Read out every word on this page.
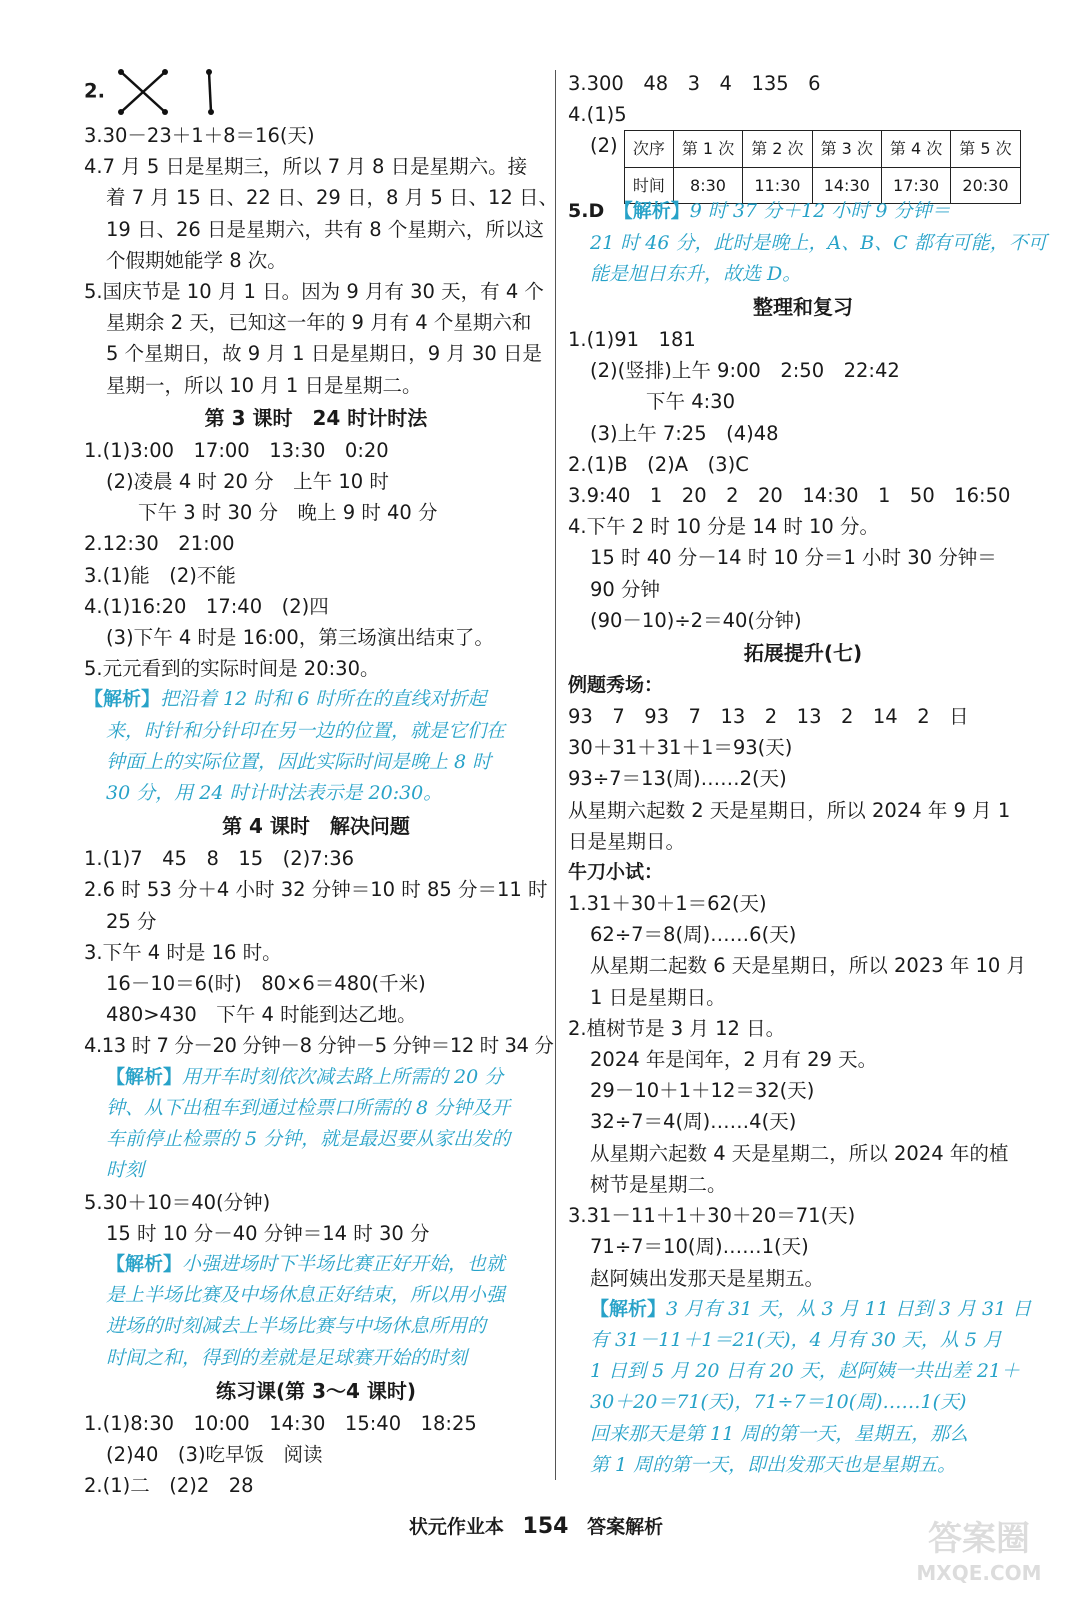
2.
3.30－23＋1＋8＝16(天)
4.7 月 5 日是星期三，所以 7 月 8 日是星期六。接
着 7 月 15 日、22 日、29 日，8 月 5 日、12 日、
19 日、26 日是星期六，共有 8 个星期六，所以这
个假期她能学 8 次。
5.国庆节是 10 月 1 日。因为 9 月有 30 天，有 4 个
星期余 2 天，已知这一年的 9 月有 4 个星期六和
5 个星期日，故 9 月 1 日是星期日，9 月 30 日是
星期一，所以 10 月 1 日是星期二。
第 3 课时　24 时计时法
1.(1)3:00　17:00　13:30　0:20
(2)凌晨 4 时 20 分　上午 10 时
下午 3 时 30 分　晚上 9 时 40 分
2.12:30　21:00
3.(1)能　(2)不能
4.(1)16:20　17:40　(2)四
(3)下午 4 时是 16:00，第三场演出结束了。
5.元元看到的实际时间是 20:30。
【解析】把沿着 12 时和 6 时所在的直线对折起
来，时针和分针印在另一边的位置，就是它们在
钟面上的实际位置，因此实际时间是晚上 8 时
30 分，用 24 时计时法表示是 20:30。
第 4 课时　解决问题
1.(1)7　45　8　15　(2)7:36
2.6 时 53 分＋4 小时 32 分钟＝10 时 85 分＝11 时
25 分
3.下午 4 时是 16 时。
16－10＝6(时)　80×6＝480(千米)
480>430　下午 4 时能到达乙地。
4.13 时 7 分－20 分钟－8 分钟－5 分钟＝12 时 34 分
【解析】用开车时刻依次减去路上所需的 20 分
钟、从下出租车到通过检票口所需的 8 分钟及开
车前停止检票的 5 分钟，就是最迟要从家出发的
时刻
5.30＋10＝40(分钟)
15 时 10 分－40 分钟＝14 时 30 分
【解析】小强进场时下半场比赛正好开始，也就
是上半场比赛及中场休息正好结束，所以用小强
进场的时刻减去上半场比赛与中场休息所用的
时间之和，得到的差就是足球赛开始的时刻
练习课(第 3～4 课时)
1.(1)8:30　10:00　14:30　15:40　18:25
(2)40　(3)吃早饭　阅读
2.(1)二　(2)2　28
3.300　48　3　4　135　6
4.(1)5
(2) 次序	第 1 次	第 2 次	第 3 次	第 4 次	第 5 次
时间	8:30	11:30	14:30	17:30	20:30
5.D　 【解析】9 时 37 分＋12 小时 9 分钟＝
21 时 46 分，此时是晚上，A、B、C 都有可能，不可
能是旭日东升，故选 D。
整理和复习
1.(1)91　181
(2)(竖排)上午 9:00　2:50　22:42
下午 4:30
(3)上午 7:25　(4)48
2.(1)B　(2)A　(3)C
3.9:40　1　20　2　20　14:30　1　50　16:50
4.下午 2 时 10 分是 14 时 10 分。
15 时 40 分－14 时 10 分＝1 小时 30 分钟＝
90 分钟
(90－10)÷2＝40(分钟)
拓展提升(七)
例题秀场：
93　7　93　7　13　2　13　2　14　2　日
30＋31＋31＋1＝93(天)
93÷7＝13(周)……2(天)
从星期六起数 2 天是星期日，所以 2024 年 9 月 1
日是星期日。
牛刀小试：
1.31＋30＋1＝62(天)
62÷7＝8(周)……6(天)
从星期二起数 6 天是星期日，所以 2023 年 10 月
1 日是星期日。
2.植树节是 3 月 12 日。
2024 年是闰年，2 月有 29 天。
29－10＋1＋12＝32(天)
32÷7＝4(周)……4(天)
从星期六起数 4 天是星期二，所以 2024 年的植
树节是星期二。
3.31－11＋1＋30＋20＝71(天)
71÷7＝10(周)……1(天)
赵阿姨出发那天是星期五。
【解析】3 月有 31 天，从 3 月 11 日到 3 月 31 日
有 31－11＋1＝21(天)，4 月有 30 天，从 5 月
1 日到 5 月 20 日有 20 天，赵阿姨一共出差 21＋
30＋20＝71(天)，71÷7＝10(周)……1(天)
回来那天是第 11 周的第一天，星期五，那么
第 1 周的第一天，即出发那天也是星期五。
状元作业本 154 答案解析	答案圈
MXQE.COM
